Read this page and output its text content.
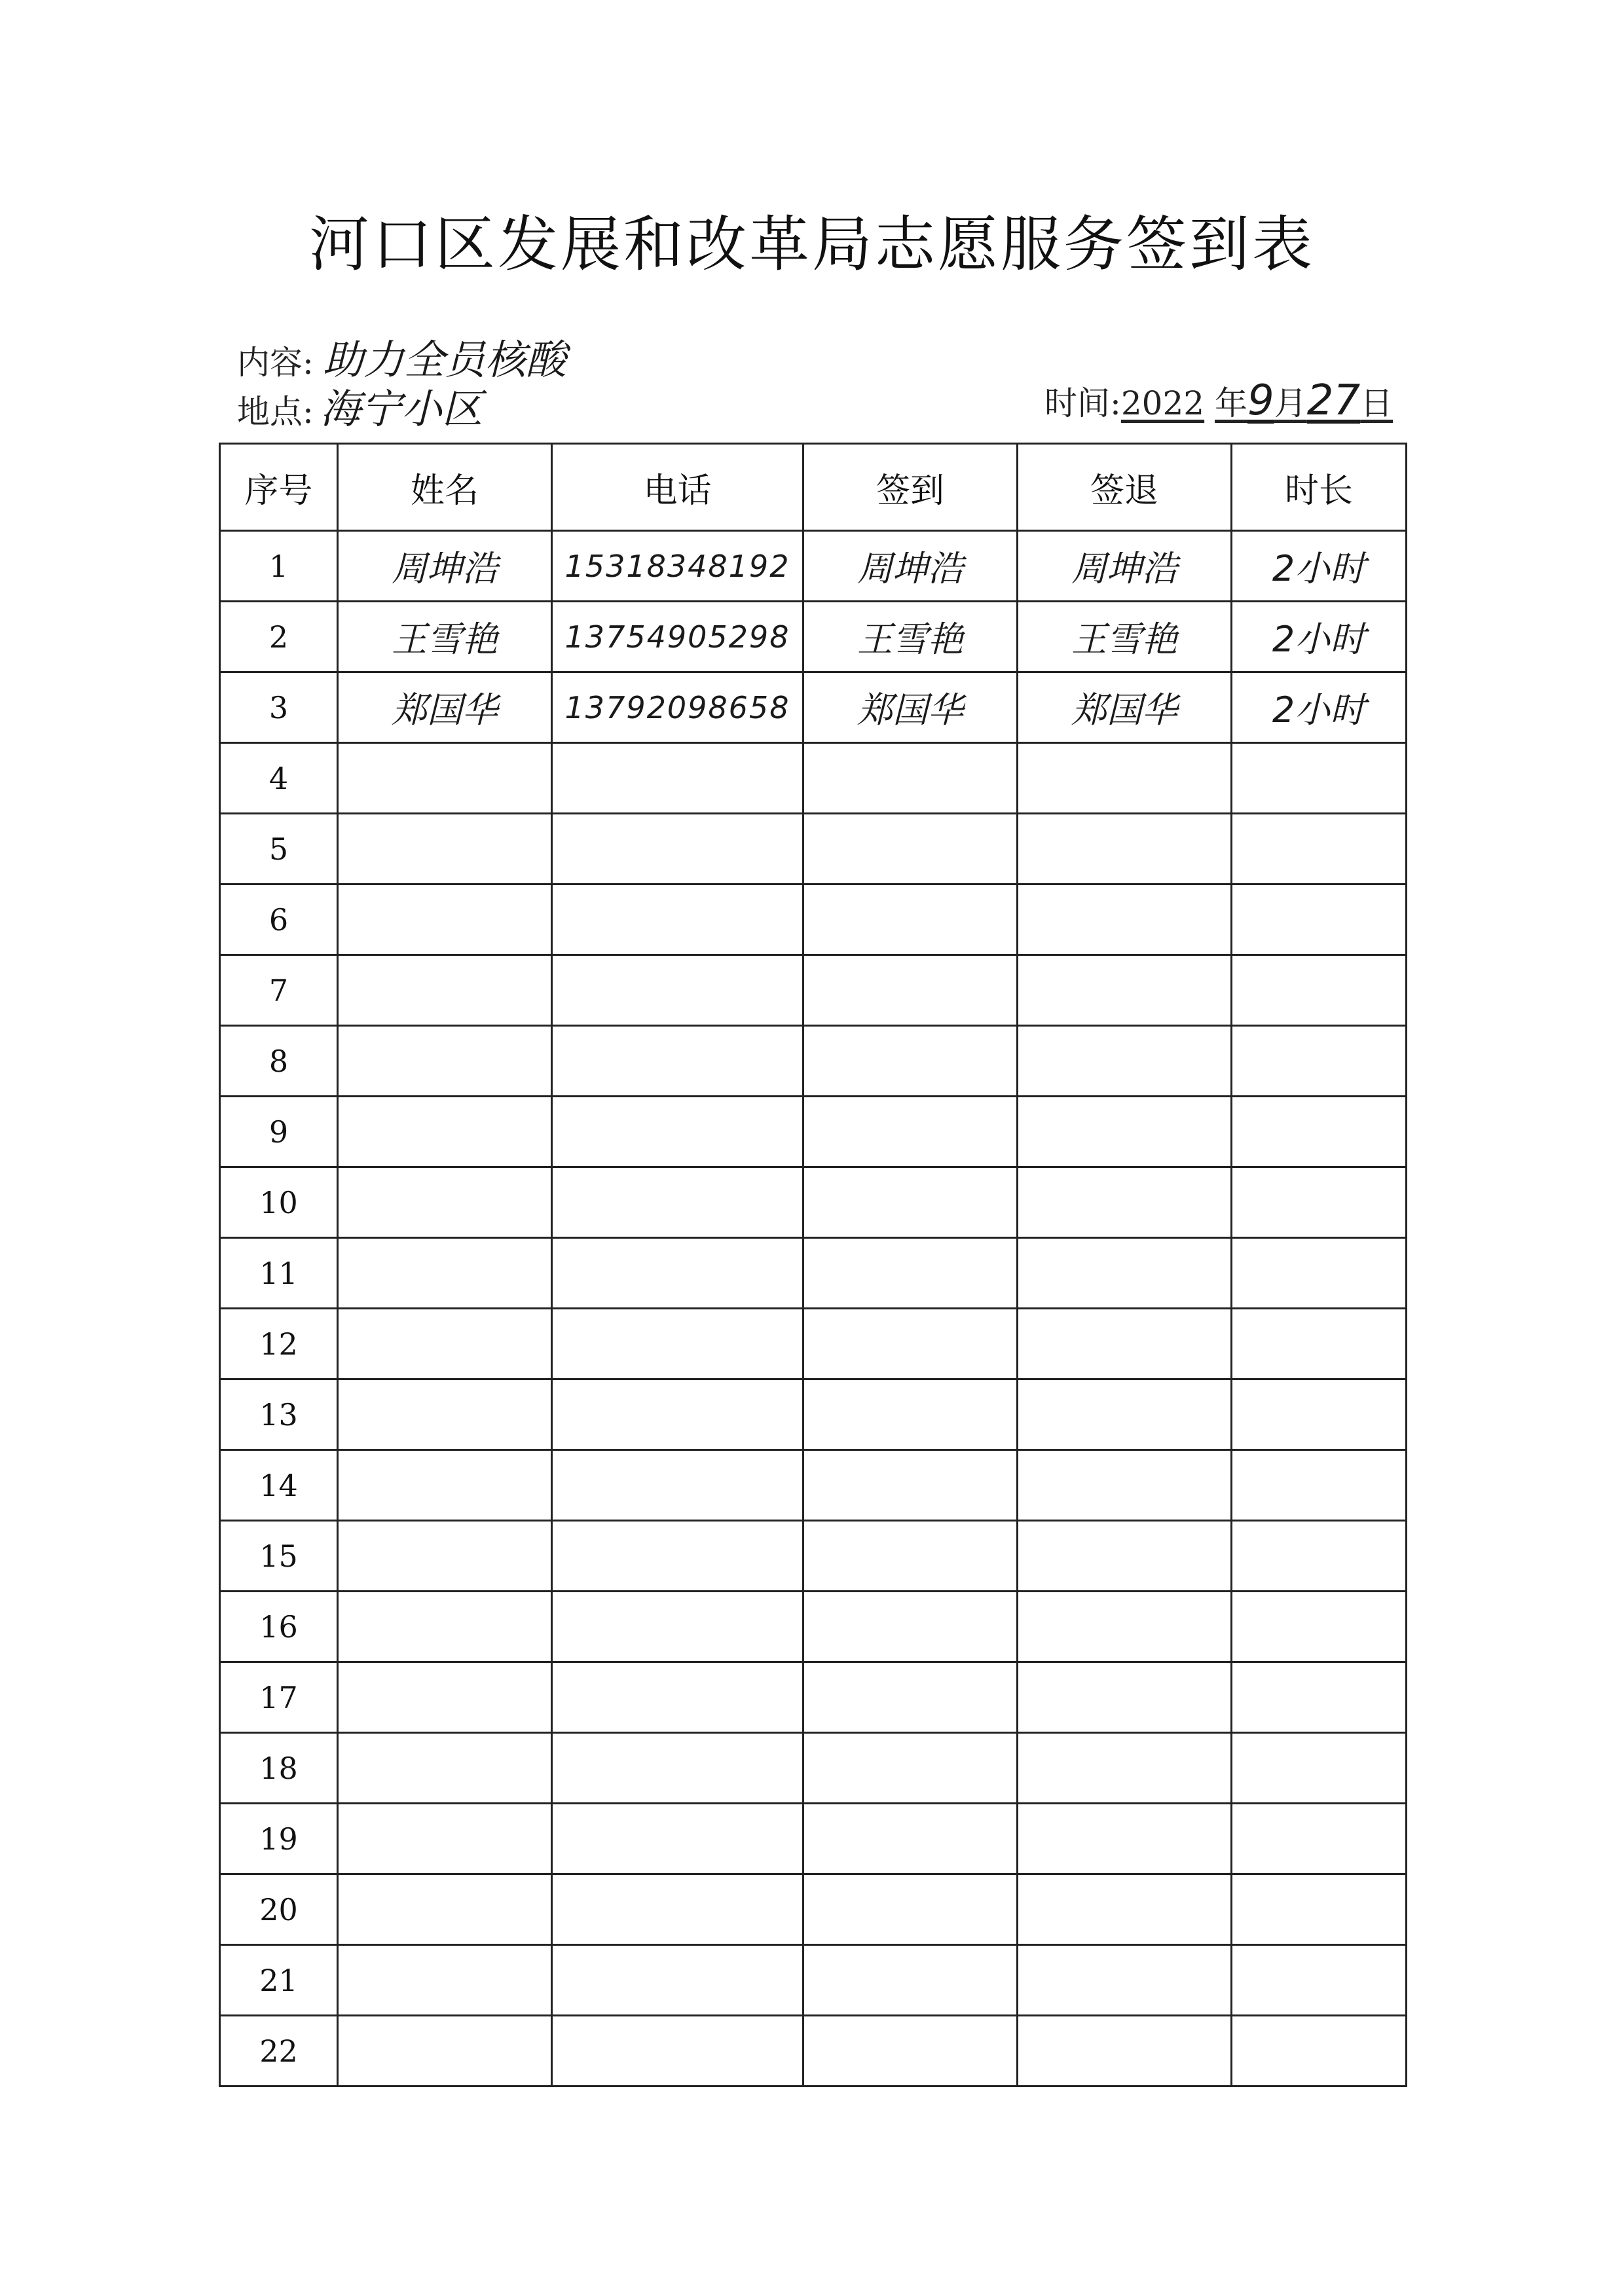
河口区发展和改革局志愿服务签到表
内容: 助力全员核酸
地点: 海宁小区	时间:2022 年9月27日
序号	姓名	电话	签到	签退	时长
1	周坤浩	15318348192	周坤浩	周坤浩	2小时
2	王雪艳	13754905298	王雪艳	王雪艳	2小时
3	郑国华	13792098658	郑国华	郑国华	2小时
4					
5					
6					
7					
8					
9					
10					
11					
12					
13					
14					
15					
16					
17					
18					
19					
20					
21					
22					
